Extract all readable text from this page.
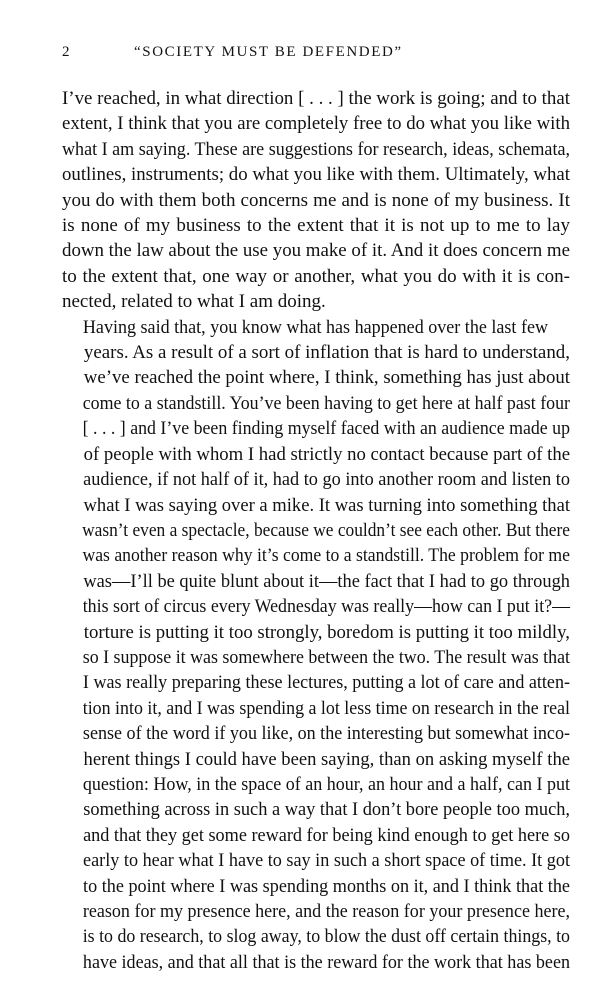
2	“SOCIETY MUST BE DEFENDED”

I’ve reached, in what direction [ . . . ] the work is going; and to that
extent, I think that you are completely free to do what you like with
what I am saying. These are suggestions for research, ideas, schemata,
outlines, instruments; do what you like with them. Ultimately, what
you do with them both concerns me and is none of my business. It
is none of my business to the extent that it is not up to me to lay
down the law about the use you make of it. And it does concern me
to the extent that, one way or another, what you do with it is con-
nected, related to what I am doing.

Having said that, you know what has happened over the last few
years. As a result of a sort of inflation that is hard to understand,
we’ve reached the point where, I think, something has just about
come to a standstill. You’ve been having to get here at half past four
[ . . . ] and I’ve been finding myself faced with an audience made up
of people with whom I had strictly no contact because part of the
audience, if not half of it, had to go into another room and listen to
what I was saying over a mike. It was turning into something that
wasn’t even a spectacle, because we couldn’t see each other. But there
was another reason why it’s come to a standstill. The problem for me
was—I’ll be quite blunt about it—the fact that I had to go through
this sort of circus every Wednesday was really—how can I put it?—
torture is putting it too strongly, boredom is putting it too mildly,
so I suppose it was somewhere between the two. The result was that
I was really preparing these lectures, putting a lot of care and atten-
tion into it, and I was spending a lot less time on research in the real
sense of the word if you like, on the interesting but somewhat inco-
herent things I could have been saying, than on asking myself the
question: How, in the space of an hour, an hour and a half, can I put
something across in such a way that I don’t bore people too much,
and that they get some reward for being kind enough to get here so
early to hear what I have to say in such a short space of time. It got
to the point where I was spending months on it, and I think that the
reason for my presence here, and the reason for your presence here,
is to do research, to slog away, to blow the dust off certain things, to
have ideas, and that all that is the reward for the work that has been
